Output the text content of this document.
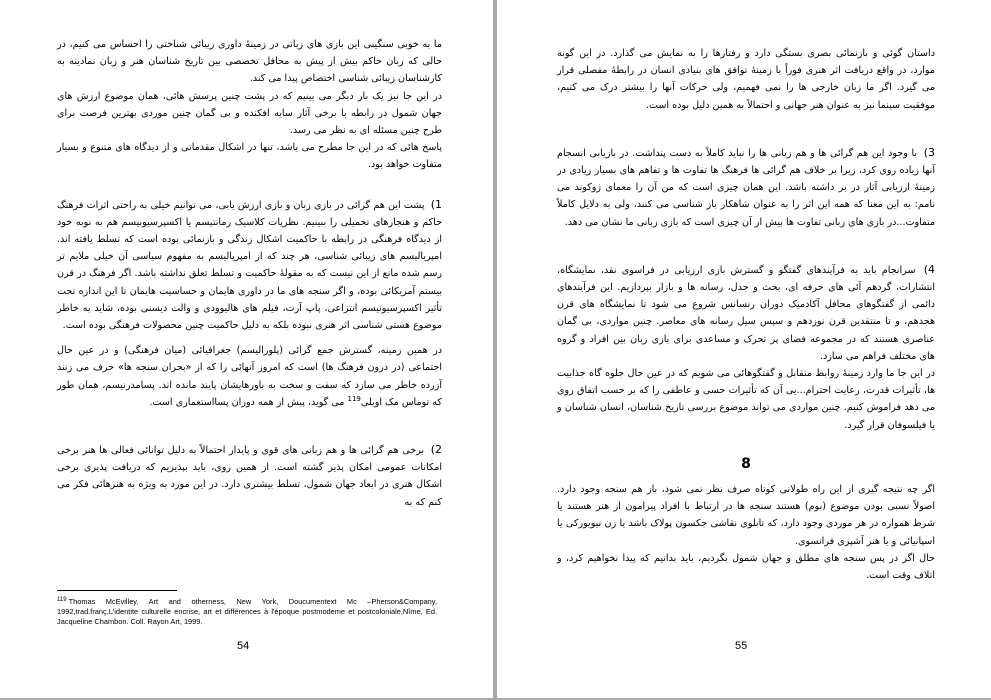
ما به خوبی سنگینی این بازی های زبانی در زمینهٔ داوری زیبائی شناختی را احساس می کنیم، در حالی که زبان حاکم بیش از پیش به محافل تخصصی بین تاریخ شناسان هنر و زبان نمادینه به کارشناسان زیبائی شناسی اختصاص پیدا می کند.

در این جا نیز یک بار دیگر می بینیم که در پشت چنین پرسش هائی، همان موضوع ارزش های جهان شمول در رابطه با برخی آثار سایه افکنده و بی گمان چنین موردی بهترین فرصت برای طرح چنین مسئله ای به نظر می رسد.

پاسخ هائی که در این جا مطرح می باشد، تنها در اشکال مقدماتی و از دیدگاه های متنوع و بسیار متفاوت خواهد بود.

1) پشت این هم گرائی در بازی زبان و بازی ارزش یابی، می توانیم خیلی به راحتی اثرات فرهنگ حاکم و هنجارهای تحمیلی را ببینیم. نظریات کلاسیک رمانتیسم یا اکسپرسیونیسم هم به نوبه خود از دیدگاه فرهنگی در رابطه با حاکمیت اشکال زندگی و بازنمائی بوده است که تسلط یافته اند. امپریالیسم های زیبائی شناسی، هر چند که از امپریالیسم به مفهوم سیاسی آن خیلی ملایم تر رسم شده مانع از این نیست که به مقولهٔ حاکمیت و تسلط تعلق نداشته باشد. اگر فرهنگ در قرن بیستم آمریکائی بوده، و اگر سنجه های ما در داوری هایمان و حساسیت هایمان تا این اندازه تحت تأثیر اکسپرسیونیسم انتزاعی، پاپ آرت، فیلم های هالیوودی و والت دیسنی بوده، شاید به خاطر موضوع هستی شناسی اثر هنری نبوده بلکه به دلیل حاکمیت چنین محصولات فرهنگی بوده است.

در همین زمینه، گسترش جمع گرائی (پلورالیسم) جغرافیائی (میان فرهنگی) و در عین حال اجتماعی (در درون فرهنگ ها) است که امروز آنهائی را که از «بحران سنجه ها» حرف می زنند آزرده خاطر می سازد که سفت و سخت به باورهایشان پایند مانده اند. پسامدرنیسم، همان طور که توماس مک اویلی$^{119}$ می گوید، پیش از همه دوران پسااستعماری است.

2) برخی هم گرائی ها و هم زبانی های قوی و پایدار احتمالاً به دلیل توانائی فعالی ها هنر برخی امکانات عمومی امکان پذیر گشته است. از همین روی، باید بپذیریم که دریافت پذیری برخی اشکال هنری در ابعاد جهان شمول، تسلط بیشتری دارد. در این مورد به ویژه به هنرهائی فکر می کنم که به

$^{119}$ Thomas McEvilley, Art and otherness, New York, Doucumentext Mc –Pherson&Company, 1992,trad.franç,L'identite culturelle encrise, art et différences à l'époque postmodeme et postcoloniale,Nîme, Ed. Jacqueline Chambon. Coll. Rayon Art, 1999.
54

داستان گوئی و بازنمائی بصری بستگی دارد و رفتارها را به نمایش می گذارد. در این گونه موارد، در واقع دریافت اثر هنری فوراً با زمینهٔ توافق های بنیادی انسان در رابطهٔ مفصلی قرار می گیرد. اگر ما زبان خارجی ها را نمی فهمیم، ولی حرکات آنها را بیشتر درک می کنیم، موفقیت سینما نیز به عنوان هنر جهانی و احتمالاً به همین دلیل بوده است.

3) با وجود این هم گرائی ها و هم زبانی ها را نباید کاملاً به دست پنداشت. در بازیابی انسجام آنها زیاده روی کرد، زیرا بر خلاف هم گرائی ها فرهنگ ها تفاوت ها و تفاهم های بسیار زیادی در زمینهٔ ارزیابی آثار در بر داشته باشد. این همان چیزی است که من آن را معمای ژوکوند می نامم: به این معنا که همه این اثر را به عنوان شاهکار باز شناسی می کنند، ولی به دلایل کاملاً متفاوت...در بازی های زبانی تفاوت ها بیش از آن چیزی است که بازی زبانی ما نشان می دهد.

4) سرانجام باید به فرآیندهای گفتگو و گسترش بازی ارزیابی در فراسوی نقد، نمایشگاه، انتشارات، گردهم آئی های حرفه ای، بحث و جدل، رسانه ها و بازار بپردازیم. این فرآیندهای دائمی از گفتگوهای محافل آکادمیک دوران رنسانس شروع می شود تا نمایشگاه های قرن هجدهم، و تا منتقدین قرن نوزدهم و سپس سیل رسانه های معاصر. چنین مواردی، بی گمان عناصری هستند که در مجموعه فضای پر تحرک و مساعدی برای بازی زبان بین افراد و گروه های مختلف فراهم می سازد.

در این جا ما وارد زمینهٔ روابط متقابل و گفتگوهائی می شویم که در عین حال جلوه گاه جذابیت ها، تأثیرات قدرت، رعایت احترام...یی آن که تأثیرات حسی و عاطفی را که بر حسب اتفاق روی می دهد فراموش کنیم. چنین مواردی می تواند موضوع بررسی تاریخ شناسان، انسان شناسان و یا فیلسوفان قرار گیرد.

8

اگر چه نتیجه گیری از این راه طولانی کوتاه صرف نظر نمی شود، باز هم سنجه وجود دارد. اصولاً نسبی بودن موضوع (بوم) هستند سنجه ها در ارتباط با افراد پیرامون از هنر هستند یا شرط همواره در هر موردی وجود دارد، که تابلوی نقاشی جکسون پولاک باشد یا زن نیویورکی یا اسپانیائی و یا هنر آشپزی فرانسوی.

حال اگر در پس سنجه های مطلق و جهان شمول بگردیم، باید بدانیم که پیدا نخواهیم کرد، و اتلاف وقت است.

55
